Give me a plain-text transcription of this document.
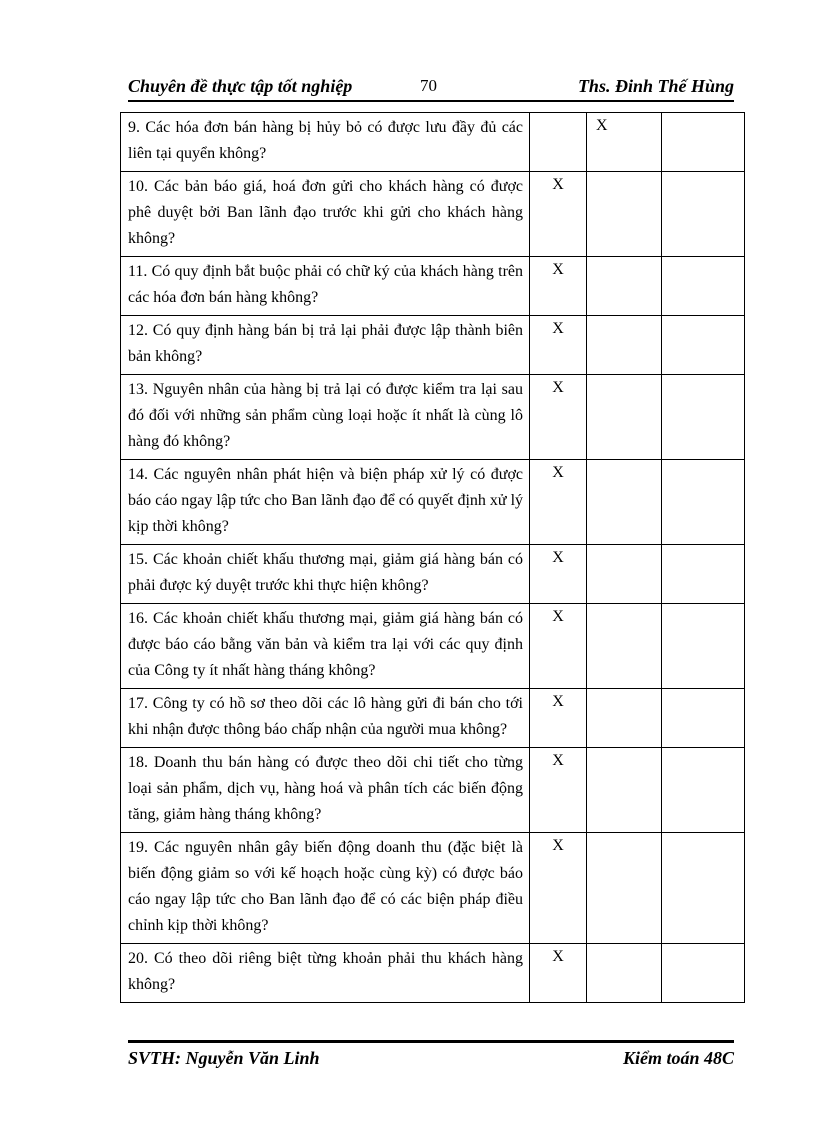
Chuyên đề thực tập tốt nghiệp	70	Ths. Đinh Thế Hùng
9. Các hóa đơn bán hàng bị hủy bỏ có được lưu đầy đủ các liên tại quyển không?		X	
10. Các bản báo giá, hoá đơn gửi cho khách hàng có được phê duyệt bởi Ban lãnh đạo trước khi gửi cho khách hàng không?	X		
11. Có quy định bắt buộc phải có chữ ký của khách hàng trên các hóa đơn bán hàng không?	X		
12. Có quy định hàng bán bị trả lại phải được lập thành biên bản không?	X		
13. Nguyên nhân của hàng bị trả lại có được kiểm tra lại sau đó đối với những sản phẩm cùng loại hoặc ít nhất là cùng lô hàng đó không?	X		
14. Các nguyên nhân phát hiện và biện pháp xử lý có được báo cáo ngay lập tức cho Ban lãnh đạo để có quyết định xử lý kịp thời không?	X		
15. Các khoản chiết khấu thương mại, giảm giá hàng bán có phải được ký duyệt trước khi thực hiện không?	X		
16. Các khoản chiết khấu thương mại, giảm giá hàng bán có được báo cáo bằng văn bản và kiểm tra lại với các quy định của Công ty ít nhất hàng tháng không?	X		
17. Công ty có hồ sơ theo dõi các lô hàng gửi đi bán cho tới khi nhận được thông báo chấp nhận của người mua không?	X		
18. Doanh thu bán hàng có được theo dõi chi tiết cho từng loại sản phẩm, dịch vụ, hàng hoá và phân tích các biến động tăng, giảm hàng tháng không?	X		
19. Các nguyên nhân gây biến động doanh thu (đặc biệt là biến động giảm so với kế hoạch hoặc cùng kỳ) có được báo cáo ngay lập tức cho Ban lãnh đạo để có các biện pháp điều chỉnh kịp thời không?	X		
20. Có theo dõi riêng biệt từng khoản phải thu khách hàng không?	X		
SVTH: Nguyễn Văn Linh	Kiểm toán 48C
